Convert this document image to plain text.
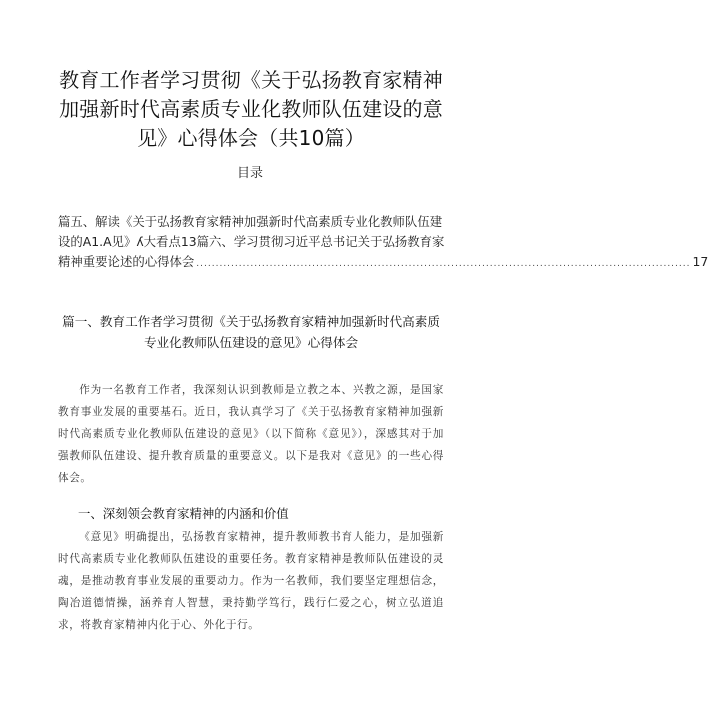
教育工作者学习贯彻《关于弘扬教育家精神加强新时代高素质专业化教师队伍建设的意见》心得体会（共10篇）
目录
篇五、解读《关于弘扬教育家精神加强新时代高素质专业化教师队伍建
设的A1.A见》ʎ大看点13篇六、学习贯彻习近平总书记关于弘扬教育家
精神重要论述的心得体会 ................................................................................................................................ 17
篇一、教育工作者学习贯彻《关于弘扬教育家精神加强新时代高素质专业化教师队伍建设的意见》心得体会
作为一名教育工作者，我深刻认识到教师是立教之本、兴教之源，是国家教育事业发展的重要基石。近日，我认真学习了《关于弘扬教育家精神加强新时代高素质专业化教师队伍建设的意见》（以下简称《意见》），深感其对于加强教师队伍建设、提升教育质量的重要意义。以下是我对《意见》的一些心得体会。
一、深刻领会教育家精神的内涵和价值
《意见》明确提出，弘扬教育家精神，提升教师教书育人能力，是加强新时代高素质专业化教师队伍建设的重要任务。教育家精神是教师队伍建设的灵魂，是推动教育事业发展的重要动力。作为一名教师，我们要坚定理想信念，陶冶道德情操，涵养育人智慧，秉持勤学笃行，践行仁爱之心，树立弘道追求，将教育家精神内化于心、外化于行。
